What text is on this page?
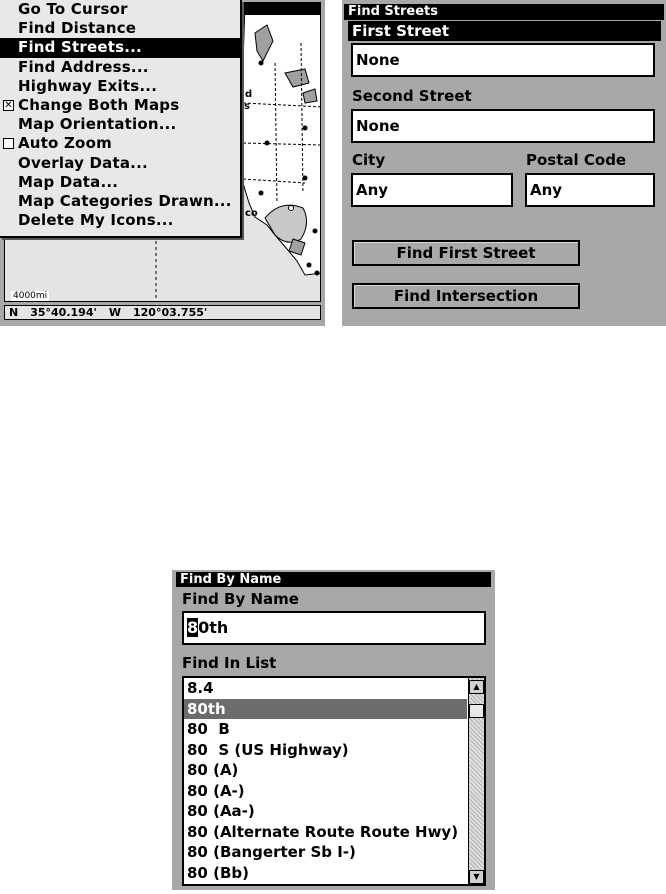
d
s
co
4000mi
N 35°40.194' W 120°03.755'
Go To Cursor
Find Distance
Find Streets...
Find Address...
Highway Exits...
✕ Change Both Maps
Map Orientation...
Auto Zoom
Overlay Data...
Map Data...
Map Categories Drawn...
Delete My Icons...
Find Streets
First Street
None
Second Street
None
City
Any
Postal Code
Any
Find First Street
Find Intersection
Find By Name
Find By Name
80th
Find In List
8.4
80th
80  B
80  S (US Highway)
80 (A)
80 (A-)
80 (Aa-)
80 (Alternate Route Route Hwy)
80 (Bangerter Sb I-)
80 (Bb)
▲
▼
